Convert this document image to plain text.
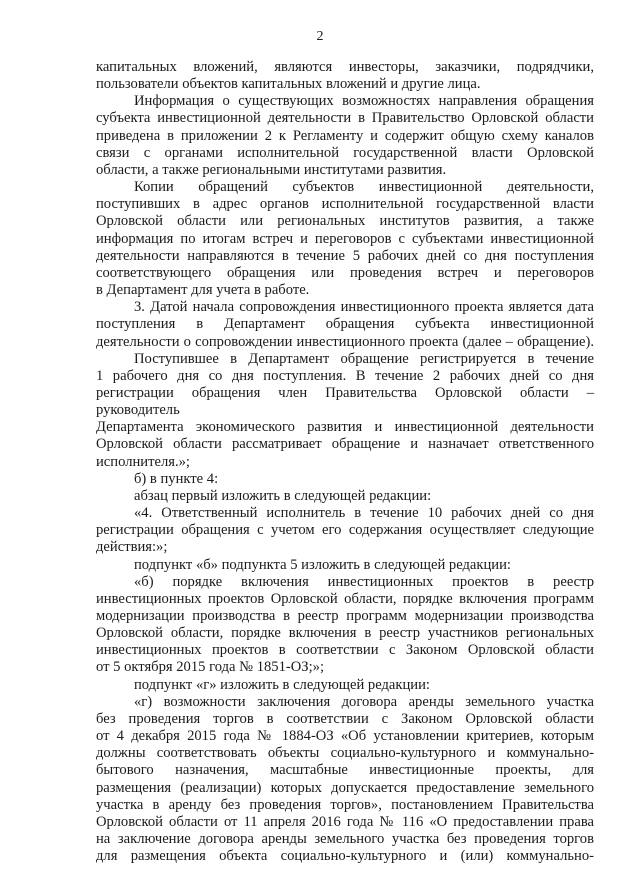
2

капитальных вложений, являются инвесторы, заказчики, подрядчики,

пользователи объектов капитальных вложений и другие лица.

Информация о существующих возможностях направления обращения

субъекта инвестиционной деятельности в Правительство Орловской области

приведена в приложении 2 к Регламенту и содержит общую схему каналов

связи с органами исполнительной государственной власти Орловской

области, а также региональными институтами развития.

Копии обращений субъектов инвестиционной деятельности,

поступивших в адрес органов исполнительной государственной власти

Орловской области или региональных институтов развития, а также

информация по итогам встреч и переговоров с субъектами инвестиционной

деятельности направляются в течение 5 рабочих дней со дня поступления

соответствующего обращения или проведения встреч и переговоров

в Департамент для учета в работе.

3. Датой начала сопровождения инвестиционного проекта является дата

поступления в Департамент обращения субъекта инвестиционной

деятельности о сопровождении инвестиционного проекта (далее – обращение).

Поступившее в Департамент обращение регистрируется в течение

1 рабочего дня со дня поступления. В течение 2 рабочих дней со дня

регистрации обращения член Правительства Орловской области – руководитель

Департамента экономического развития и инвестиционной деятельности

Орловской области рассматривает обращение и назначает ответственного

исполнителя.»;

б) в пункте 4:

абзац первый изложить в следующей редакции:

«4. Ответственный исполнитель в течение 10 рабочих дней со дня

регистрации обращения с учетом его содержания осуществляет следующие

действия:»;

подпункт «б» подпункта 5 изложить в следующей редакции:

«б) порядке включения инвестиционных проектов в реестр

инвестиционных проектов Орловской области, порядке включения программ

модернизации производства в реестр программ модернизации производства

Орловской области, порядке включения в реестр участников региональных

инвестиционных проектов в соответствии с Законом Орловской области

от 5 октября 2015 года № 1851-ОЗ;»;

подпункт «г» изложить в следующей редакции:

«г) возможности заключения договора аренды земельного участка

без проведения торгов в соответствии с Законом Орловской области

от 4 декабря 2015 года № 1884-ОЗ «Об установлении критериев, которым

должны соответствовать объекты социально-культурного и коммунально-

бытового назначения, масштабные инвестиционные проекты, для

размещения (реализации) которых допускается предоставление земельного

участка в аренду без проведения торгов», постановлением Правительства

Орловской области от 11 апреля 2016 года № 116 «О предоставлении права

на заключение договора аренды земельного участка без проведения торгов

для размещения объекта социально-культурного и (или) коммунально-
